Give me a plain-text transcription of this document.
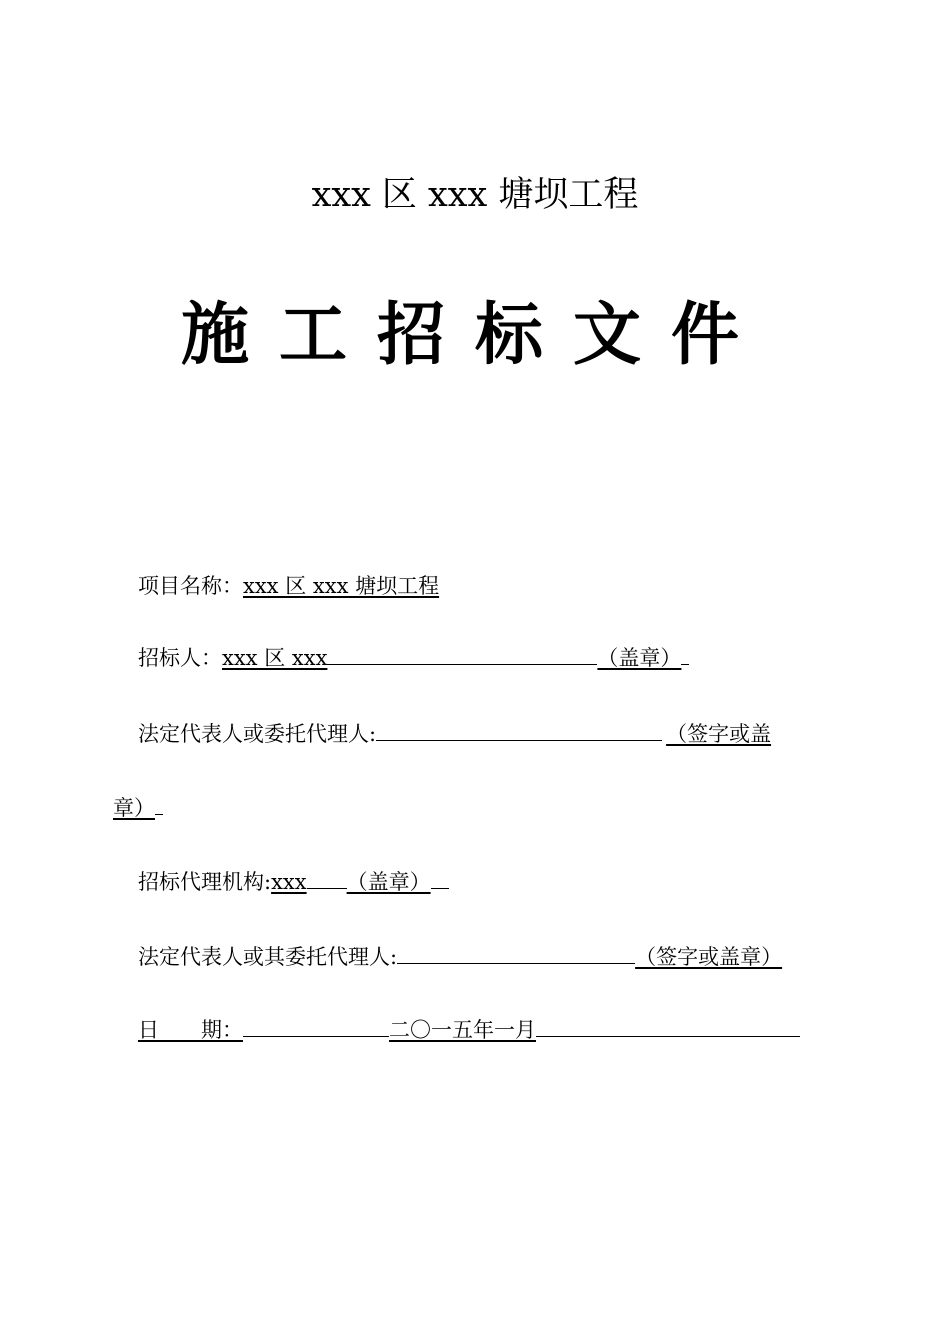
xxx 区 xxx 塘坝工程
施工招标文件
项目名称：xxx 区 xxx 塘坝工程
招标人：xxx 区 xxx	（盖章）
法定代表人或委托代理人:	（签字或盖
章）
招标代理机构:xxx （盖章）
法定代表人或其委托代理人:	（签字或盖章）
日　　期：	二〇一五年一月
